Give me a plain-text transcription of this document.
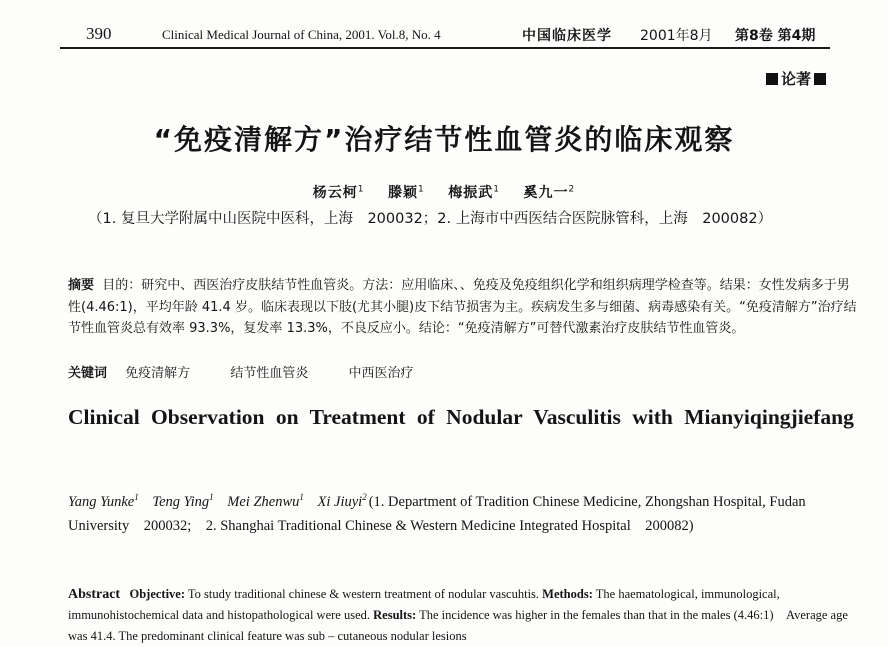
390	Clinical Medical Journal of China, 2001. Vol.8, No. 4	中国临床医学 2001年8月 第8卷 第4期
论著
“免疫清解方”治疗结节性血管炎的临床观察
杨云柯$^1$ 滕颖$^1$ 梅振武$^1$ 奚九一$^2$
（1. 复旦大学附属中山医院中医科，上海　200032；2. 上海市中西医结合医院脉管科，上海　200082）
摘要 目的：研究中、西医治疗皮肤结节性血管炎。方法：应用临床、、免疫及免疫组织化学和组织病理学检查等。结果：女性发病多于男性(4.46:1)，平均年龄 41.4 岁。临床表现以下肢(尤其小腿)皮下结节损害为主。疾病发生多与细菌、病毒感染有关。“免疫清解方”治疗结节性血管炎总有效率 93.3%，复发率 13.3%，不良反应小。结论：“免疫清解方”可替代激素治疗皮肤结节性血管炎。
关键词 免疫清解方	结节性血管炎	中西医治疗
Clinical Observation on Treatment of Nodular Vasculitis with Mianyiqingjiefang
Yang Yunke$^1$ Teng Ying$^1$ Mei Zhenwu$^1$ Xi Jiuyi$^2$ (1. Department of Tradition Chinese Medicine, Zhongshan Hospital, Fudan University　200032;　2. Shanghai Traditional Chinese & Western Medicine Integrated Hospital　200082)
Abstract Objective: To study traditional chinese & western treatment of nodular vascuhtis. Methods: The haematological, immunological, immunohistochemical data and histopathological were used. Results: The incidence was higher in the females than that in the males (4.46:1)　Average age was 41.4. The predominant clinical feature was sub – cutaneous nodular lesions
